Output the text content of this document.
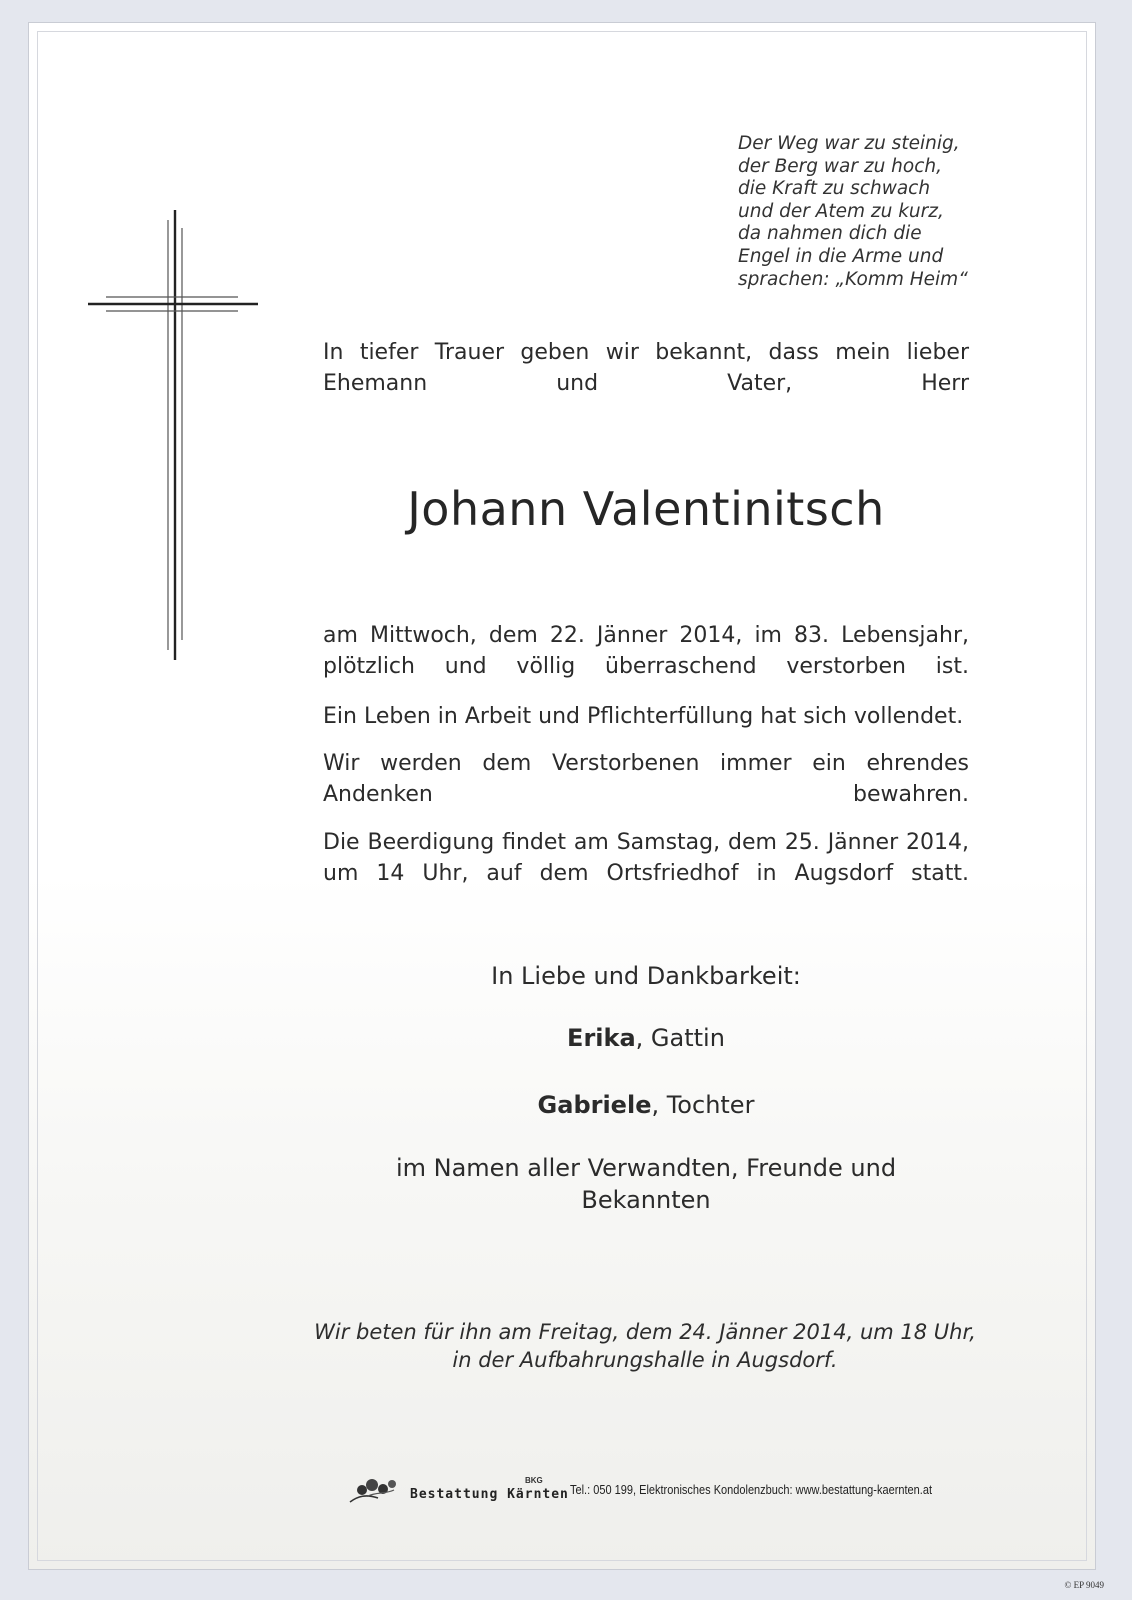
Der Weg war zu steinig,
der Berg war zu hoch,
die Kraft zu schwach
und der Atem zu kurz,
da nahmen dich die
Engel in die Arme und
sprachen: „Komm Heim“
In tiefer Trauer geben wir bekannt, dass mein lieber Ehemann und Vater, Herr
Johann Valentinitsch
am Mittwoch, dem 22. Jänner 2014, im 83. Lebensjahr, plötzlich und völlig überraschend verstorben ist.
Ein Leben in Arbeit und Pflichterfüllung hat sich vollendet.
Wir werden dem Verstorbenen immer ein ehrendes Andenken bewahren.
Die Beerdigung findet am Samstag, dem 25. Jänner 2014, um 14 Uhr, auf dem Ortsfriedhof in Augsdorf statt.
In Liebe und Dankbarkeit:
Erika, Gattin
Gabriele, Tochter
im Namen aller Verwandten, Freunde und Bekannten
Wir beten für ihn am Freitag, dem 24. Jänner 2014, um 18 Uhr,
in der Aufbahrungshalle in Augsdorf.
BKG
Bestattung Kärnten Tel.: 050 199, Elektronisches Kondolenzbuch: www.bestattung-kaernten.at
© EP 9049
